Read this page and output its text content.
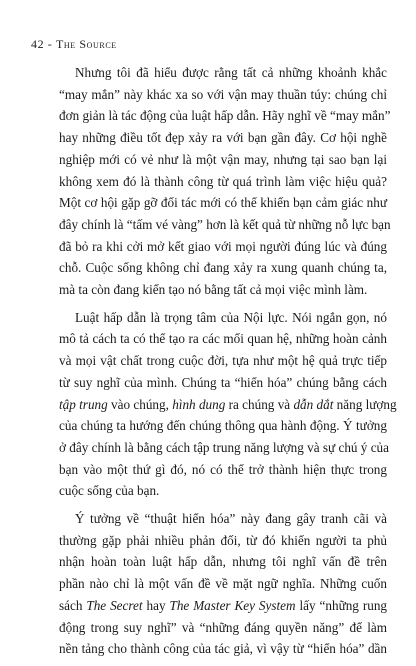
42 - The Source
Nhưng tôi đã hiểu được rằng tất cả những khoảnh khắc
“may mắn” này khác xa so với vận may thuần túy: chúng chỉ
đơn giản là tác động của luật hấp dẫn. Hãy nghĩ về “may mắn”
hay những điều tốt đẹp xảy ra với bạn gần đây. Cơ hội nghề
nghiệp mới có vẻ như là một vận may, nhưng tại sao bạn lại
không xem đó là thành công từ quá trình làm việc hiệu quả?
Một cơ hội gặp gỡ đối tác mới có thể khiến bạn cảm giác như
đây chính là “tấm vé vàng” hơn là kết quả từ những nỗ lực bạn
đã bỏ ra khi cởi mở kết giao với mọi người đúng lúc và đúng
chỗ. Cuộc sống không chỉ đang xảy ra xung quanh chúng ta,
mà ta còn đang kiến tạo nó bằng tất cả mọi việc mình làm.
Luật hấp dẫn là trọng tâm của Nội lực. Nói ngắn gọn, nó
mô tả cách ta có thể tạo ra các mối quan hệ, những hoàn cảnh
và mọi vật chất trong cuộc đời, tựa như một hệ quả trực tiếp
từ suy nghĩ của mình. Chúng ta “hiển hóa” chúng bằng cách
tập trung vào chúng, hình dung ra chúng và dẫn dắt năng lượng
của chúng ta hướng đến chúng thông qua hành động. Ý tưởng
ở đây chính là bằng cách tập trung năng lượng và sự chú ý của
bạn vào một thứ gì đó, nó có thể trở thành hiện thực trong
cuộc sống của bạn.
Ý tưởng về “thuật hiển hóa” này đang gây tranh cãi và
thường gặp phải nhiều phản đối, từ đó khiến người ta phủ
nhận hoàn toàn luật hấp dẫn, nhưng tôi nghĩ vấn đề trên
phần nào chỉ là một vấn đề về mặt ngữ nghĩa. Những cuốn
sách The Secret hay The Master Key System lấy “những rung
động trong suy nghĩ” và “những đáng quyền năng” để làm
nền tảng cho thành công của tác giả, vì vậy từ “hiển hóa” dần
